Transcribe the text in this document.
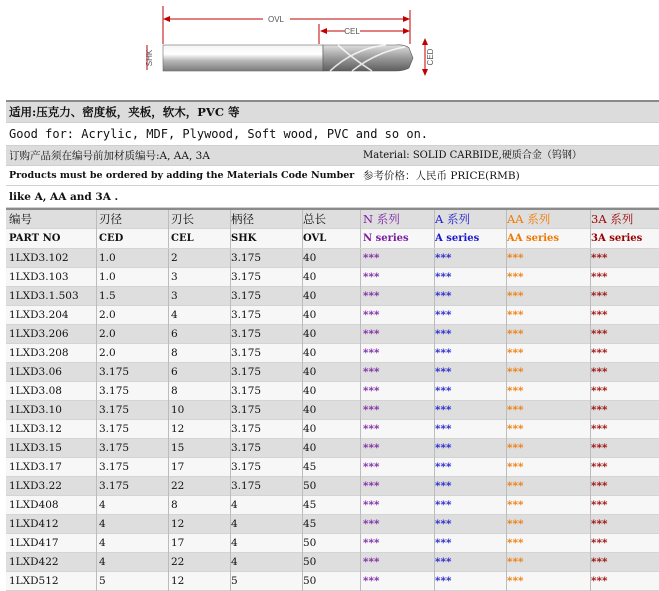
OVL
CEL
SHK	CED
适用:压克力、密度板，夹板，软木，PVC 等
Good for: Acrylic, MDF, Plywood, Soft wood, PVC and so on.
订购产品须在编号前加材质编号:A, AA, 3A	Material: SOLID CARBIDE,硬质合金（钨钢）
Products must be ordered by adding the Materials Code Number 参考价格：人民币 PRICE(RMB)
like A, AA and 3A .
编号	刃径	刃长	柄径	总长	N 系列	A 系列	AA 系列	3A 系列
PART NO	CED	CEL	SHK	OVL	N series	A series	AA series	3A series
1LXD3.102	1.0	2	3.175	40	***	***	***	***
1LXD3.103	1.0	3	3.175	40	***	***	***	***
1LXD3.1.503	1.5	3	3.175	40	***	***	***	***
1LXD3.204	2.0	4	3.175	40	***	***	***	***
1LXD3.206	2.0	6	3.175	40	***	***	***	***
1LXD3.208	2.0	8	3.175	40	***	***	***	***
1LXD3.06	3.175	6	3.175	40	***	***	***	***
1LXD3.08	3.175	8	3.175	40	***	***	***	***
1LXD3.10	3.175	10	3.175	40	***	***	***	***
1LXD3.12	3.175	12	3.175	40	***	***	***	***
1LXD3.15	3.175	15	3.175	40	***	***	***	***
1LXD3.17	3.175	17	3.175	45	***	***	***	***
1LXD3.22	3.175	22	3.175	50	***	***	***	***
1LXD408	4	8	4	45	***	***	***	***
1LXD412	4	12	4	45	***	***	***	***
1LXD417	4	17	4	50	***	***	***	***
1LXD422	4	22	4	50	***	***	***	***
1LXD512	5	12	5	50	***	***	***	***
